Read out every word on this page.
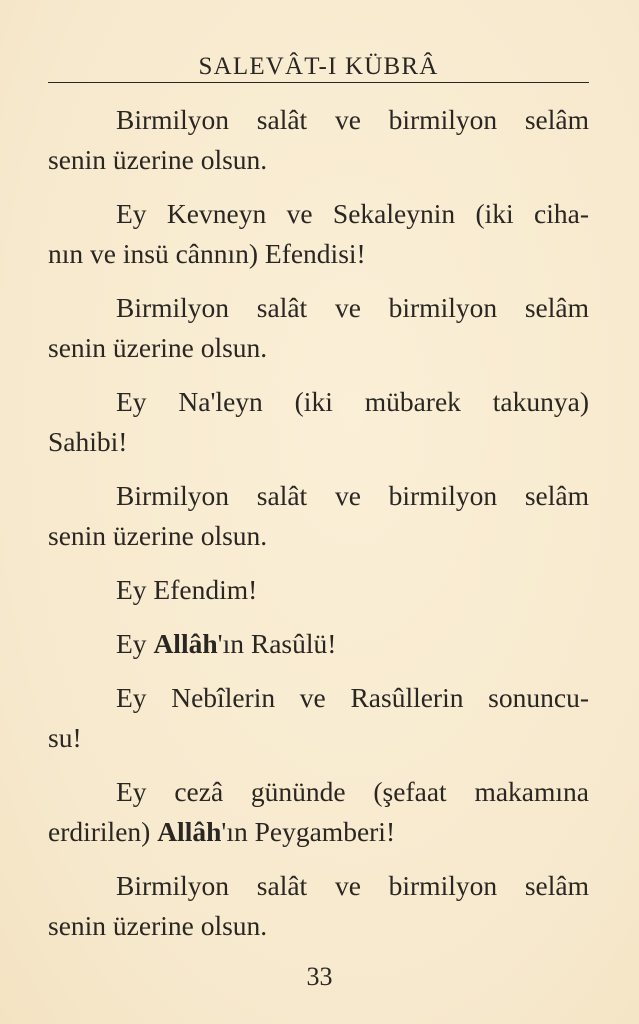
SALEVÂT-I KÜBRÂ

Birmilyon salât ve birmilyon selâm
senin üzerine olsun.

Ey Kevneyn ve Sekaleynin (iki ciha-
nın ve insü cânnın) Efendisi!

Birmilyon salât ve birmilyon selâm
senin üzerine olsun.

Ey Na'leyn (iki mübarek takunya)
Sahibi!

Birmilyon salât ve birmilyon selâm
senin üzerine olsun.

Ey Efendim!

Ey Allâh'ın Rasûlü!

Ey Nebîlerin ve Rasûllerin sonuncu-
su!

Ey cezâ gününde (şefaat makamına
erdirilen) Allâh'ın Peygamberi!

Birmilyon salât ve birmilyon selâm
senin üzerine olsun.

33
